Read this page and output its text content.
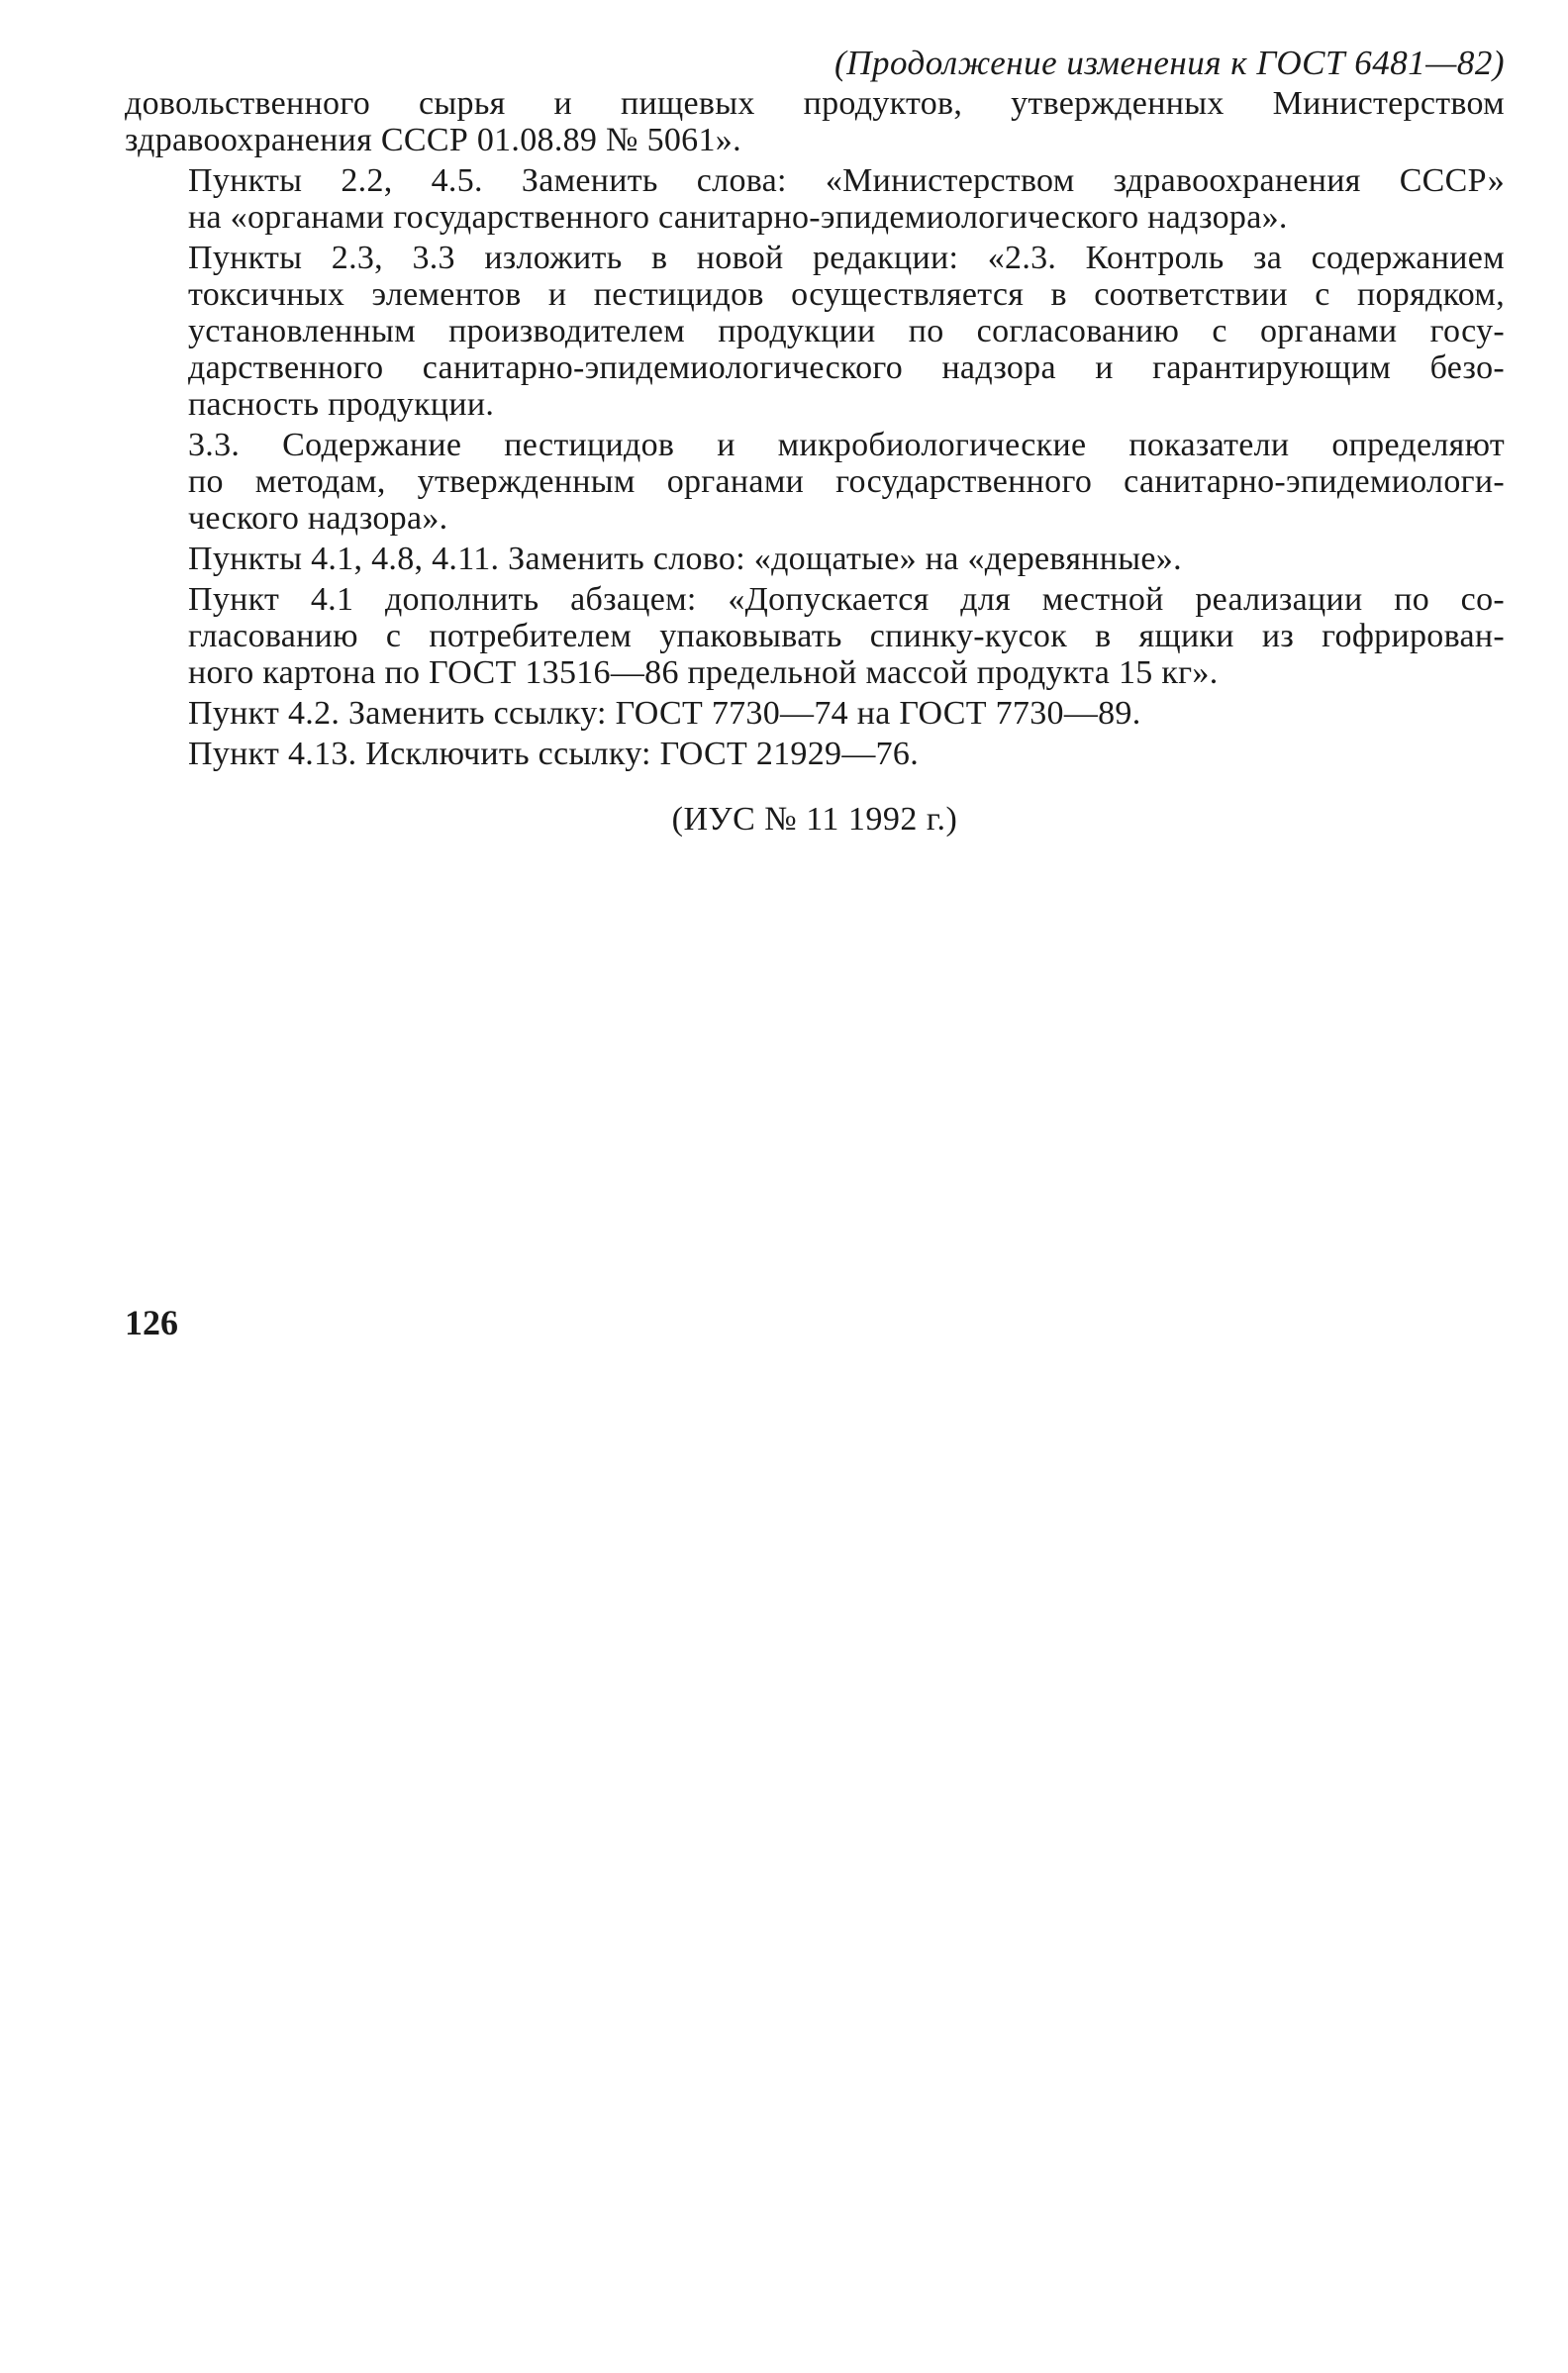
(Продолжение изменения к ГОСТ 6481—82)
довольственного сырья и пищевых продуктов, утвержденных Министерством
здравоохранения СССР 01.08.89 № 5061».
Пункты 2.2, 4.5. Заменить слова: «Министерством здравоохранения СССР»
на «органами государственного санитарно-эпидемиологического надзора».
Пункты 2.3, 3.3 изложить в новой редакции: «2.3. Контроль за содержанием
токсичных элементов и пестицидов осуществляется в соответствии с порядком,
установленным производителем продукции по согласованию с органами госу-
дарственного санитарно-эпидемиологического надзора и гарантирующим безо-
пасность продукции.
3.3. Содержание пестицидов и микробиологические показатели определяют
по методам, утвержденным органами государственного санитарно-эпидемиологи-
ческого надзора».
Пункты 4.1, 4.8, 4.11. Заменить слово: «дощатые» на «деревянные».
Пункт 4.1 дополнить абзацем: «Допускается для местной реализации по со-
гласованию с потребителем упаковывать спинку-кусок в ящики из гофрирован-
ного картона по ГОСТ 13516—86 предельной массой продукта 15 кг».
Пункт 4.2. Заменить ссылку: ГОСТ 7730—74 на ГОСТ 7730—89.
Пункт 4.13. Исключить ссылку: ГОСТ 21929—76.
(ИУС № 11 1992 г.)
126
